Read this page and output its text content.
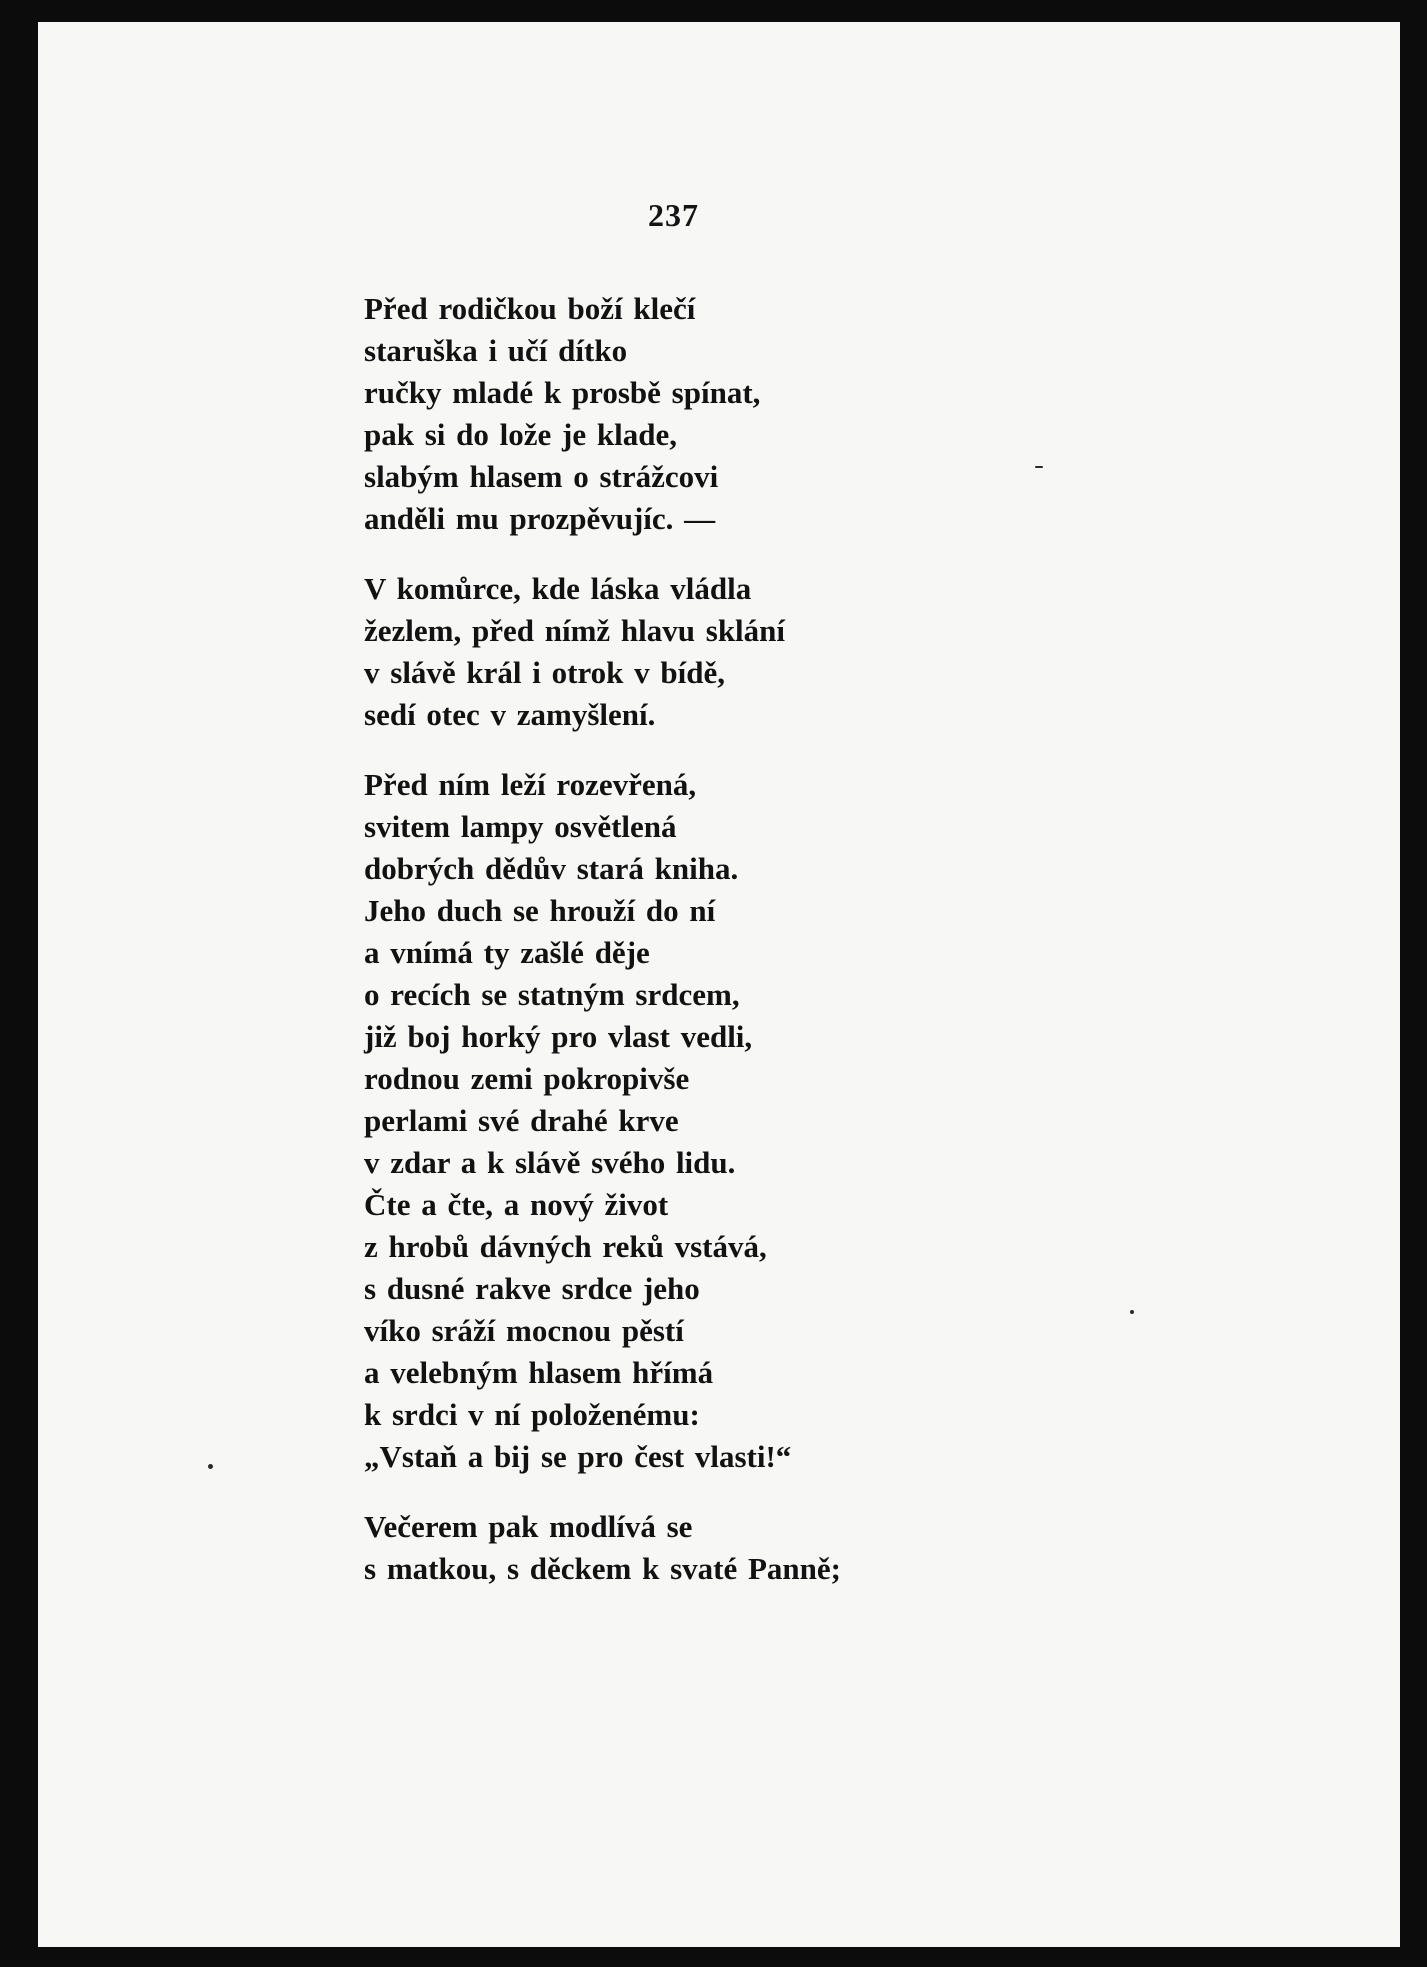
237
Před rodičkou boží klečí
staruška i učí dítko
ručky mladé k prosbě spínat,
pak si do lože je klade,
slabým hlasem o strážcovi
anděli mu prozpěvujíc. —
V komůrce, kde láska vládla
žezlem, před nímž hlavu sklání
v slávě král i otrok v bídě,
sedí otec v zamyšlení.
Před ním leží rozevřená,
svitem lampy osvětlená
dobrých dědův stará kniha.
Jeho duch se hrouží do ní
a vnímá ty zašlé děje
o recích se statným srdcem,
již boj horký pro vlast vedli,
rodnou zemi pokropivše
perlami své drahé krve
v zdar a k slávě svého lidu.
Čte a čte, a nový život
z hrobů dávných reků vstává,
s dusné rakve srdce jeho
víko sráží mocnou pěstí
a velebným hlasem hřímá
k srdci v ní položenému:
„Vstaň a bij se pro čest vlasti!“
Večerem pak modlívá se
s matkou, s děckem k svaté Panně;
